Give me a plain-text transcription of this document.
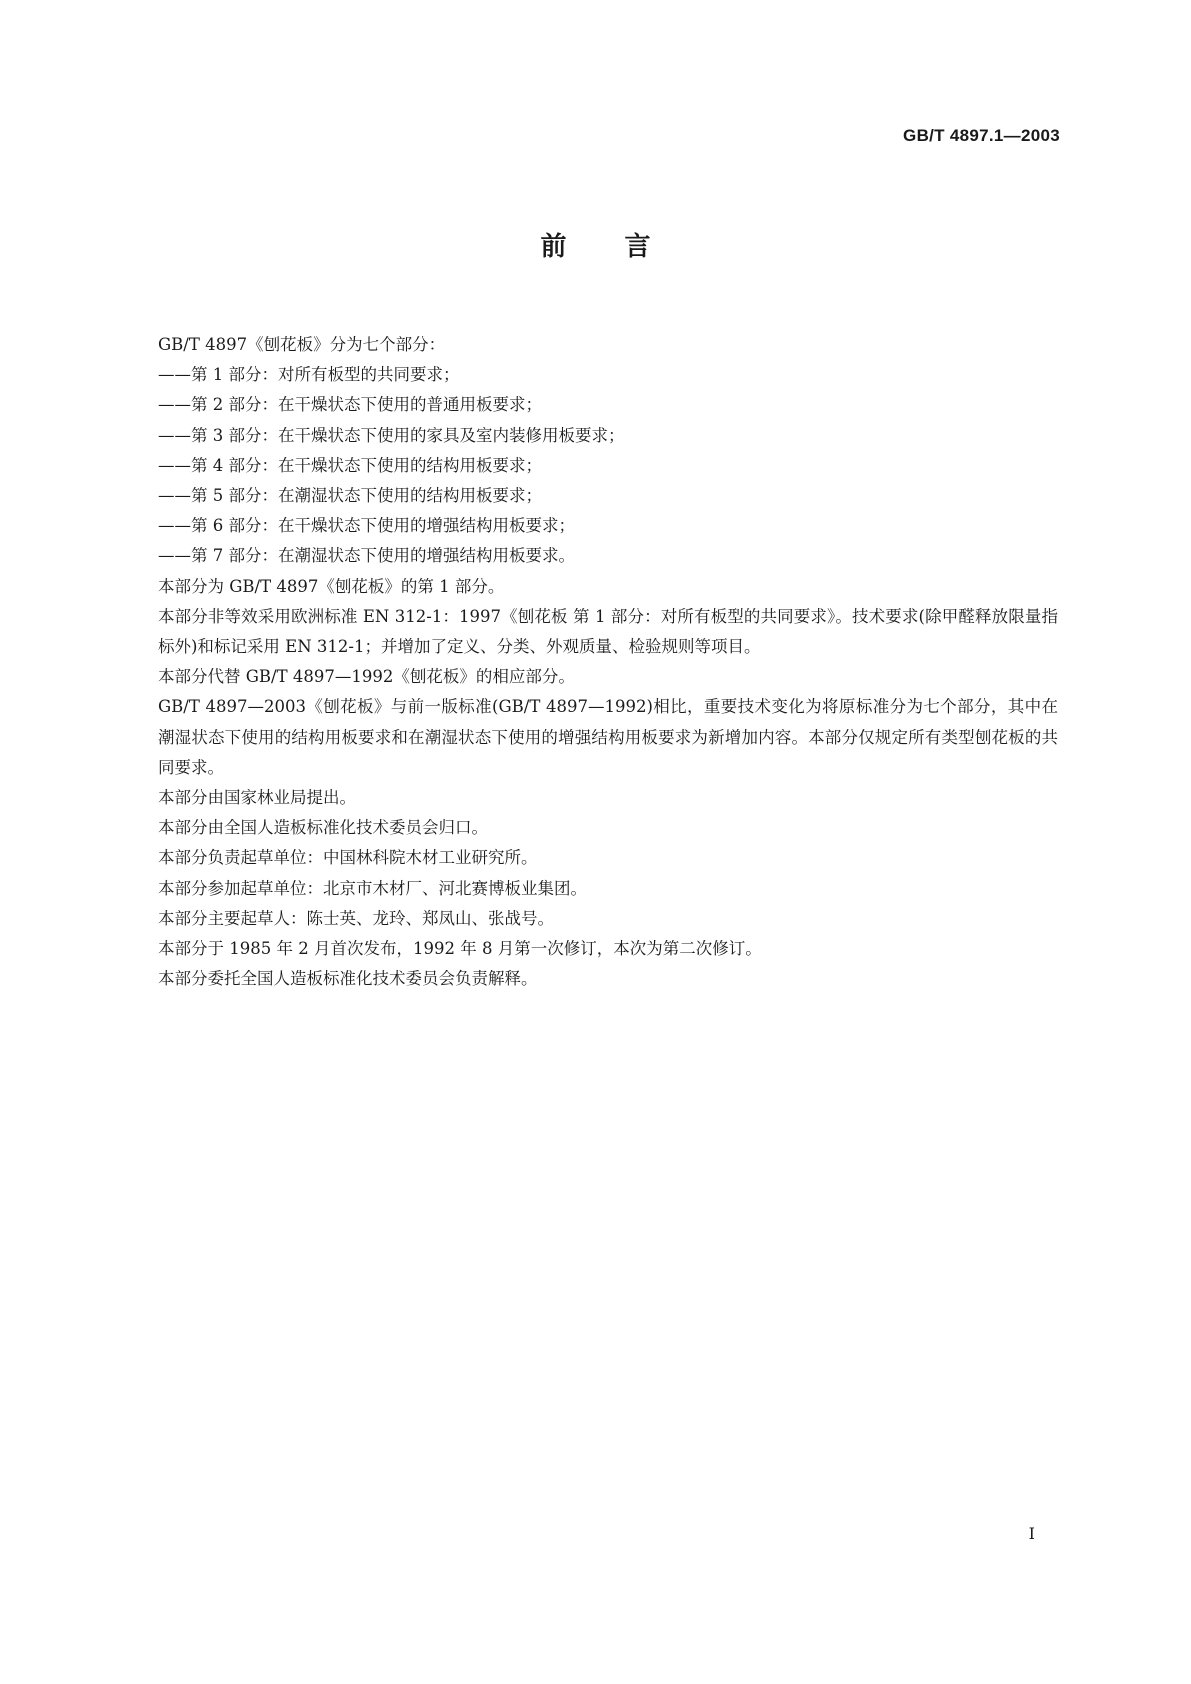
GB/T 4897.1—2003
前言

GB/T 4897《刨花板》分为七个部分：

——第 1 部分：对所有板型的共同要求；

——第 2 部分：在干燥状态下使用的普通用板要求；

——第 3 部分：在干燥状态下使用的家具及室内装修用板要求；

——第 4 部分：在干燥状态下使用的结构用板要求；

——第 5 部分：在潮湿状态下使用的结构用板要求；

——第 6 部分：在干燥状态下使用的增强结构用板要求；

——第 7 部分：在潮湿状态下使用的增强结构用板要求。

本部分为 GB/T 4897《刨花板》的第 1 部分。

本部分非等效采用欧洲标准 EN 312-1：1997《刨花板 第 1 部分：对所有板型的共同要求》。技术要求(除甲醛释放限量指标外)和标记采用 EN 312-1；并增加了定义、分类、外观质量、检验规则等项目。

本部分代替 GB/T 4897—1992《刨花板》的相应部分。

GB/T 4897—2003《刨花板》与前一版标准(GB/T 4897—1992)相比，重要技术变化为将原标准分为七个部分，其中在潮湿状态下使用的结构用板要求和在潮湿状态下使用的增强结构用板要求为新增加内容。本部分仅规定所有类型刨花板的共同要求。

本部分由国家林业局提出。

本部分由全国人造板标准化技术委员会归口。

本部分负责起草单位：中国林科院木材工业研究所。

本部分参加起草单位：北京市木材厂、河北赛博板业集团。

本部分主要起草人：陈士英、龙玲、郑凤山、张战号。

本部分于 1985 年 2 月首次发布，1992 年 8 月第一次修订，本次为第二次修订。

本部分委托全国人造板标准化技术委员会负责解释。

I
